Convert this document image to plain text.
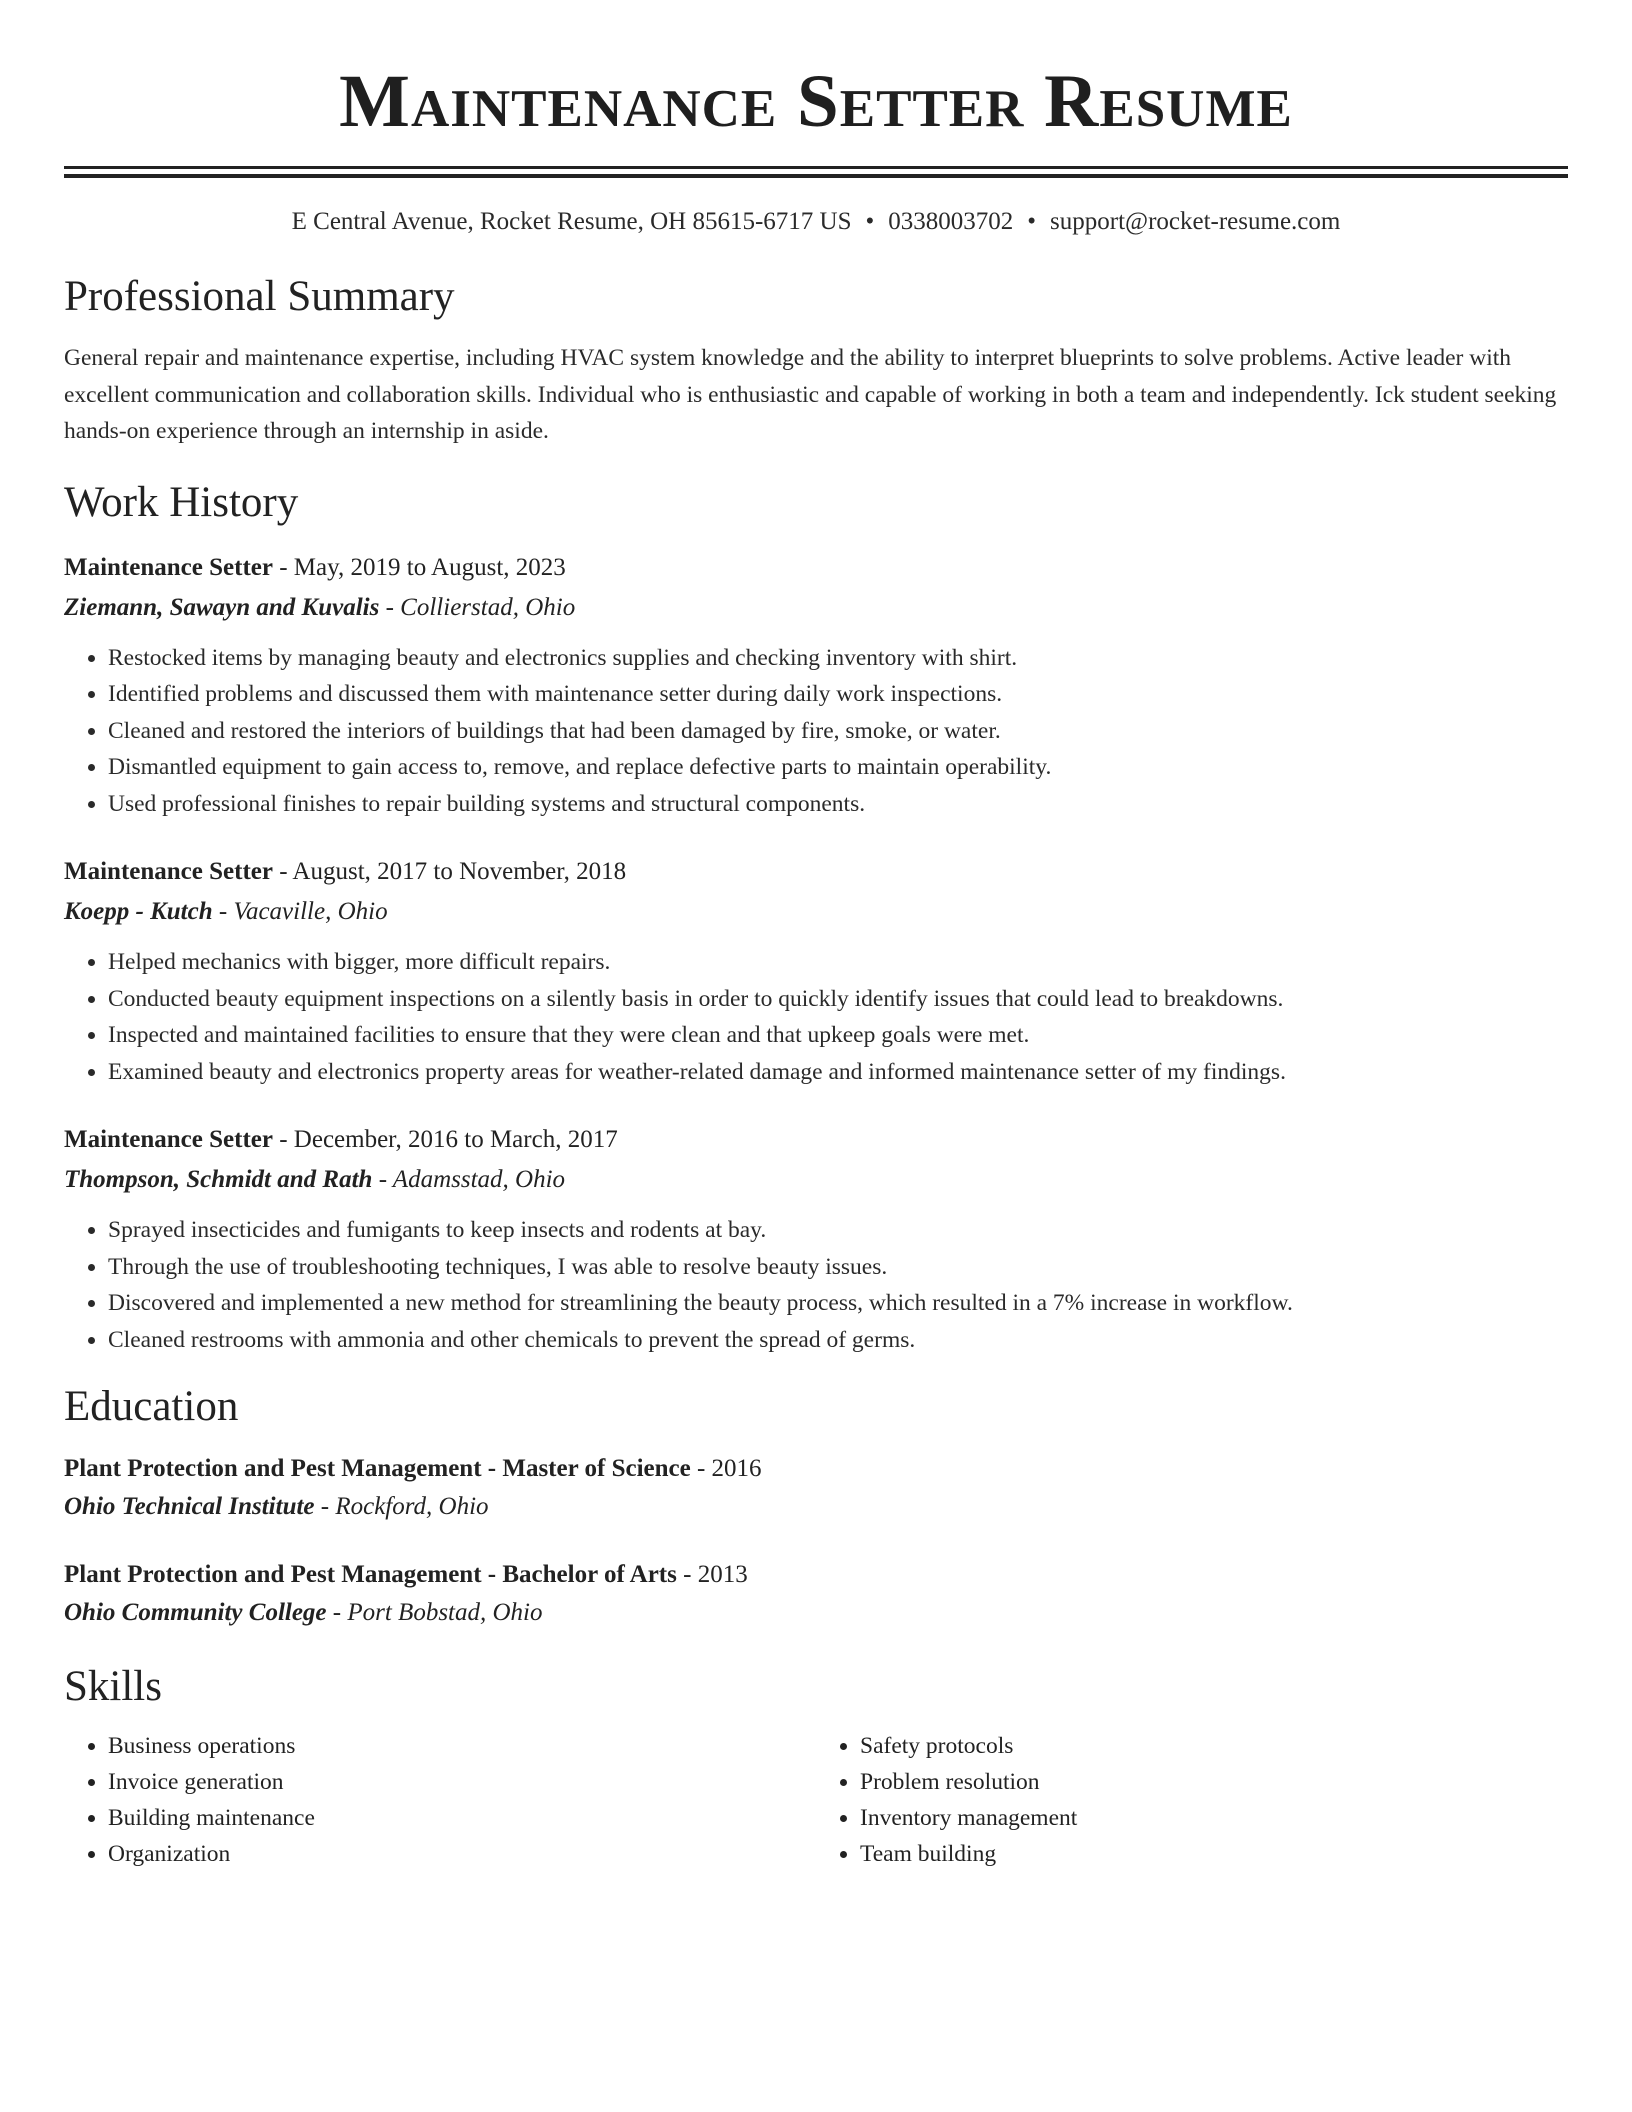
Maintenance Setter Resume
E Central Avenue, Rocket Resume, OH 85615-6717 US • 0338003702 • support@rocket-resume.com
Professional Summary

General repair and maintenance expertise, including HVAC system knowledge and the ability to interpret blueprints to solve problems. Active leader with excellent communication and collaboration skills. Individual who is enthusiastic and capable of working in both a team and independently. Ick student seeking hands-on experience through an internship in aside.

Work History
Maintenance Setter - May, 2019 to August, 2023
Ziemann, Sawayn and Kuvalis - Collierstad, Ohio
• Restocked items by managing beauty and electronics supplies and checking inventory with shirt.
• Identified problems and discussed them with maintenance setter during daily work inspections.
• Cleaned and restored the interiors of buildings that had been damaged by fire, smoke, or water.
• Dismantled equipment to gain access to, remove, and replace defective parts to maintain operability.
• Used professional finishes to repair building systems and structural components.
Maintenance Setter - August, 2017 to November, 2018
Koepp - Kutch - Vacaville, Ohio
• Helped mechanics with bigger, more difficult repairs.
• Conducted beauty equipment inspections on a silently basis in order to quickly identify issues that could lead to breakdowns.
• Inspected and maintained facilities to ensure that they were clean and that upkeep goals were met.
• Examined beauty and electronics property areas for weather-related damage and informed maintenance setter of my findings.
Maintenance Setter - December, 2016 to March, 2017
Thompson, Schmidt and Rath - Adamsstad, Ohio
• Sprayed insecticides and fumigants to keep insects and rodents at bay.
• Through the use of troubleshooting techniques, I was able to resolve beauty issues.
• Discovered and implemented a new method for streamlining the beauty process, which resulted in a 7% increase in workflow.
• Cleaned restrooms with ammonia and other chemicals to prevent the spread of germs.
Education
Plant Protection and Pest Management - Master of Science - 2016
Ohio Technical Institute - Rockford, Ohio
Plant Protection and Pest Management - Bachelor of Arts - 2013
Ohio Community College - Port Bobstad, Ohio
Skills
• Business operations
• Invoice generation
• Building maintenance
• Organization
• Safety protocols
• Problem resolution
• Inventory management
• Team building
